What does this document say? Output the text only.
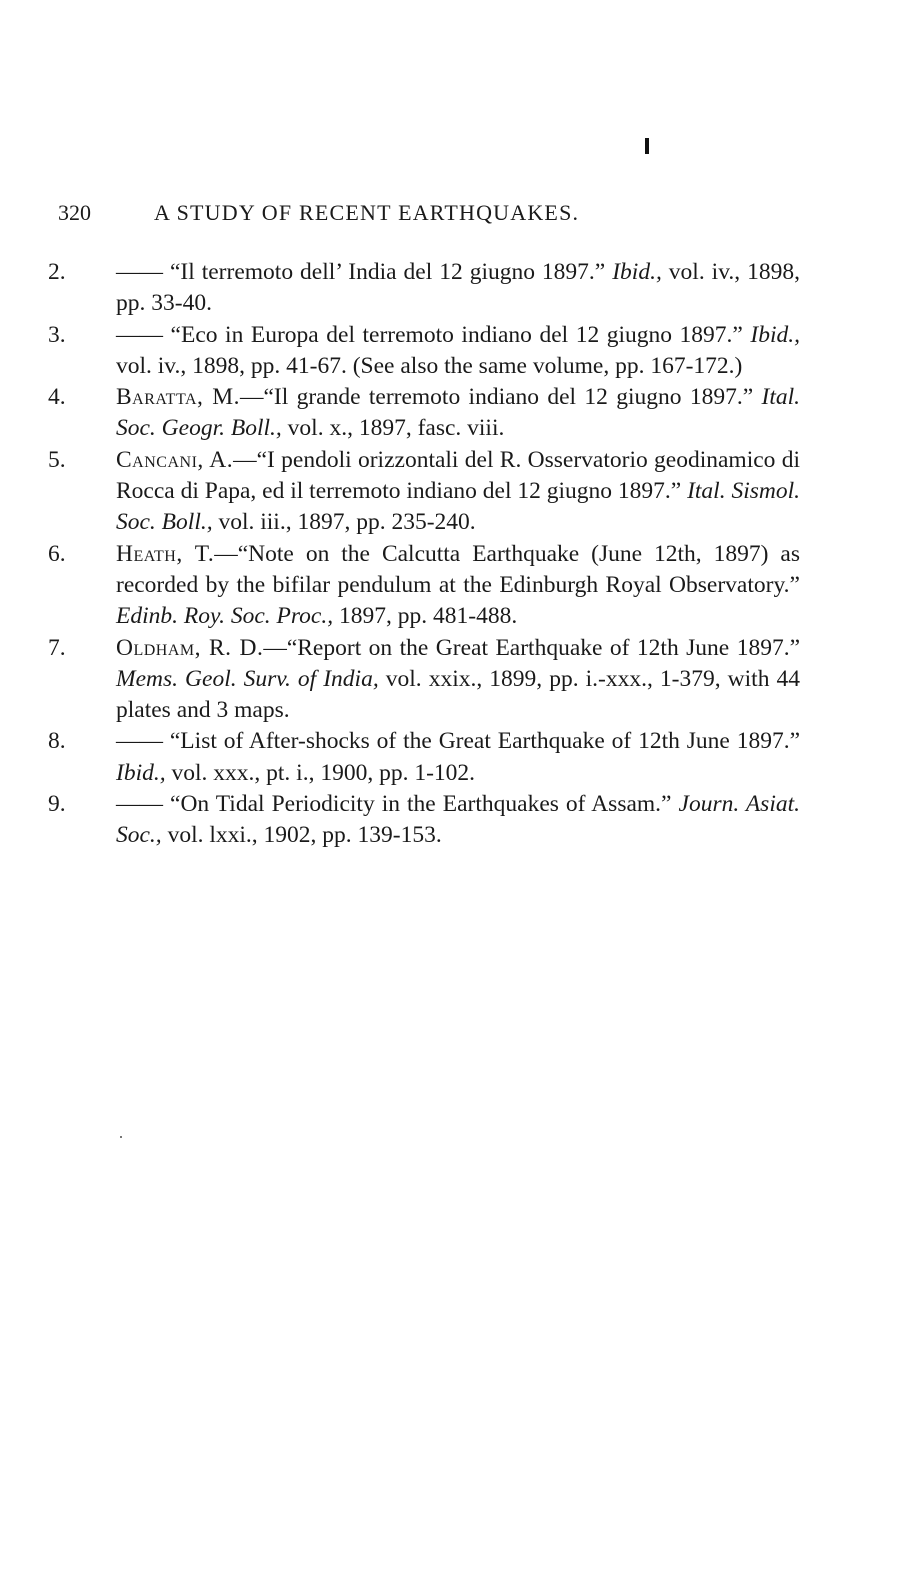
320	A STUDY OF RECENT EARTHQUAKES.
2.	—— “Il terremoto dell’ India del 12 giugno 1897.” Ibid., vol. iv., 1898, pp. 33-40.
3.	—— “Eco in Europa del terremoto indiano del 12 giugno 1897.” Ibid., vol. iv., 1898, pp. 41-67. (See also the same volume, pp. 167-172.)
4.	Baratta, M.—“Il grande terremoto indiano del 12 giugno 1897.” Ital. Soc. Geogr. Boll., vol. x., 1897, fasc. viii.
5.	Cancani, A.—“I pendoli orizzontali del R. Osservatorio geodinamico di Rocca di Papa, ed il terremoto indiano del 12 giugno 1897.” Ital. Sismol. Soc. Boll., vol. iii., 1897, pp. 235-240.
6.	Heath, T.—“Note on the Calcutta Earthquake (June 12th, 1897) as recorded by the bifilar pendulum at the Edinburgh Royal Observatory.” Edinb. Roy. Soc. Proc., 1897, pp. 481-488.
7.	Oldham, R. D.—“Report on the Great Earthquake of 12th June 1897.” Mems. Geol. Surv. of India, vol. xxix., 1899, pp. i.-xxx., 1-379, with 44 plates and 3 maps.
8.	—— “List of After-shocks of the Great Earthquake of 12th June 1897.” Ibid., vol. xxx., pt. i., 1900, pp. 1-102.
9.	—— “On Tidal Periodicity in the Earthquakes of Assam.” Journ. Asiat. Soc., vol. lxxi., 1902, pp. 139-153.
